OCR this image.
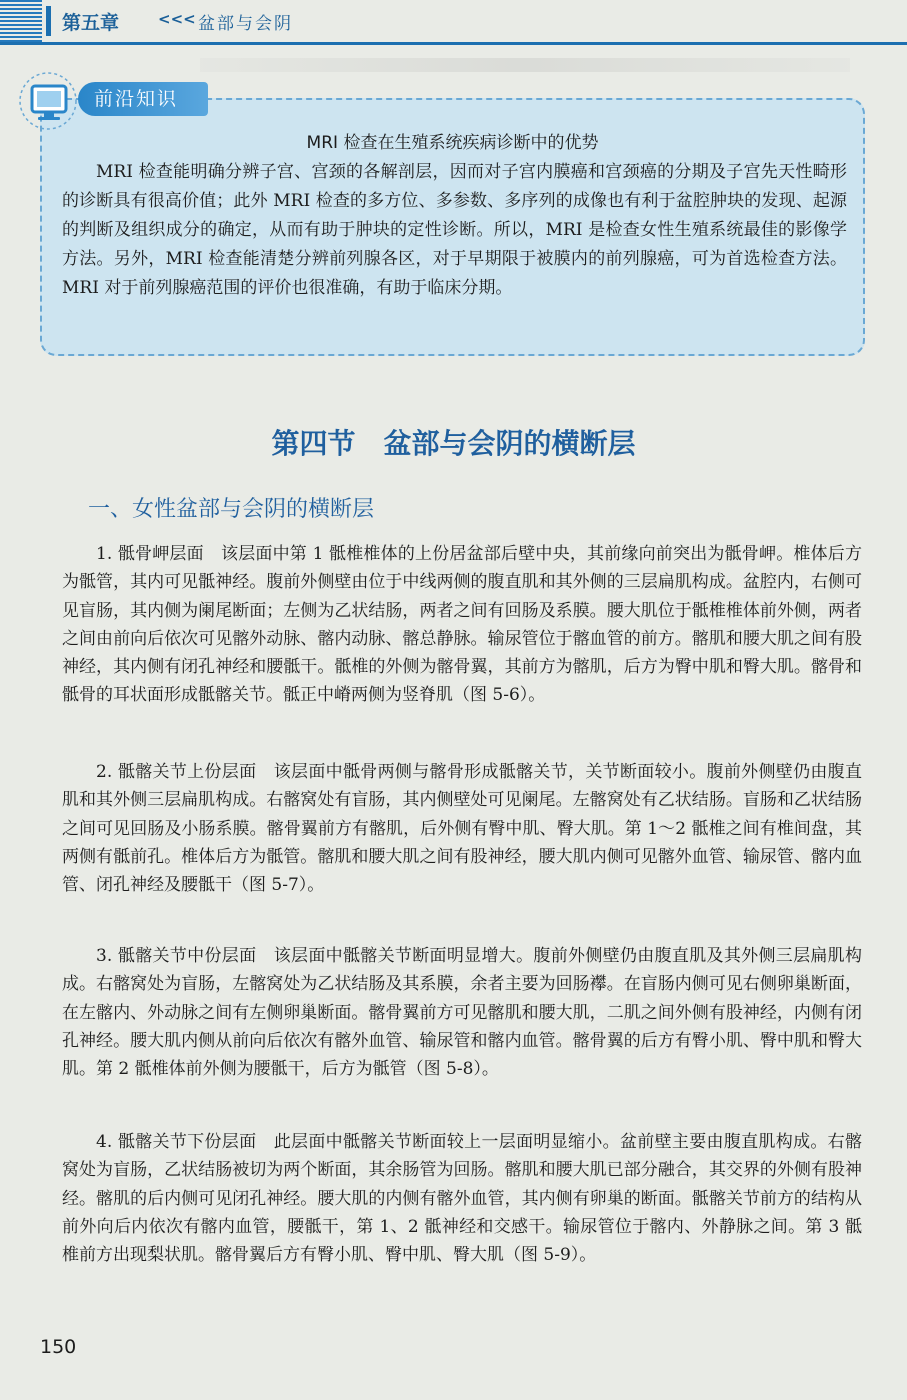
第五章	<<< 盆部与会阴
前沿知识
MRI 检查在生殖系统疾病诊断中的优势

MRI 检查能明确分辨子宫、宫颈的各解剖层，因而对子宫内膜癌和宫颈癌的分期及子宫先天性畸形的诊断具有很高价值；此外 MRI 检查的多方位、多参数、多序列的成像也有利于盆腔肿块的发现、起源的判断及组织成分的确定，从而有助于肿块的定性诊断。所以，MRI 是检查女性生殖系统最佳的影像学方法。另外，MRI 检查能清楚分辨前列腺各区，对于早期限于被膜内的前列腺癌，可为首选检查方法。MRI 对于前列腺癌范围的评价也很准确，有助于临床分期。

第四节　盆部与会阴的横断层
一、女性盆部与会阴的横断层

1. 骶骨岬层面　该层面中第 1 骶椎椎体的上份居盆部后壁中央，其前缘向前突出为骶骨岬。椎体后方为骶管，其内可见骶神经。腹前外侧壁由位于中线两侧的腹直肌和其外侧的三层扁肌构成。盆腔内，右侧可见盲肠，其内侧为阑尾断面；左侧为乙状结肠，两者之间有回肠及系膜。腰大肌位于骶椎椎体前外侧，两者之间由前向后依次可见髂外动脉、髂内动脉、髂总静脉。输尿管位于髂血管的前方。髂肌和腰大肌之间有股神经，其内侧有闭孔神经和腰骶干。骶椎的外侧为髂骨翼，其前方为髂肌，后方为臀中肌和臀大肌。髂骨和骶骨的耳状面形成骶髂关节。骶正中嵴两侧为竖脊肌（图 5-6）。

2. 骶髂关节上份层面　该层面中骶骨两侧与髂骨形成骶髂关节，关节断面较小。腹前外侧壁仍由腹直肌和其外侧三层扁肌构成。右髂窝处有盲肠，其内侧壁处可见阑尾。左髂窝处有乙状结肠。盲肠和乙状结肠之间可见回肠及小肠系膜。髂骨翼前方有髂肌，后外侧有臀中肌、臀大肌。第 1～2 骶椎之间有椎间盘，其两侧有骶前孔。椎体后方为骶管。髂肌和腰大肌之间有股神经，腰大肌内侧可见髂外血管、输尿管、髂内血管、闭孔神经及腰骶干（图 5-7）。

3. 骶髂关节中份层面　该层面中骶髂关节断面明显增大。腹前外侧壁仍由腹直肌及其外侧三层扁肌构成。右髂窝处为盲肠，左髂窝处为乙状结肠及其系膜，余者主要为回肠襻。在盲肠内侧可见右侧卵巢断面，在左髂内、外动脉之间有左侧卵巢断面。髂骨翼前方可见髂肌和腰大肌，二肌之间外侧有股神经，内侧有闭孔神经。腰大肌内侧从前向后依次有髂外血管、输尿管和髂内血管。髂骨翼的后方有臀小肌、臀中肌和臀大肌。第 2 骶椎体前外侧为腰骶干，后方为骶管（图 5-8）。

4. 骶髂关节下份层面　此层面中骶髂关节断面较上一层面明显缩小。盆前壁主要由腹直肌构成。右髂窝处为盲肠，乙状结肠被切为两个断面，其余肠管为回肠。髂肌和腰大肌已部分融合，其交界的外侧有股神经。髂肌的后内侧可见闭孔神经。腰大肌的内侧有髂外血管，其内侧有卵巢的断面。骶髂关节前方的结构从前外向后内依次有髂内血管，腰骶干，第 1、2 骶神经和交感干。输尿管位于髂内、外静脉之间。第 3 骶椎前方出现梨状肌。髂骨翼后方有臀小肌、臀中肌、臀大肌（图 5-9）。

150
